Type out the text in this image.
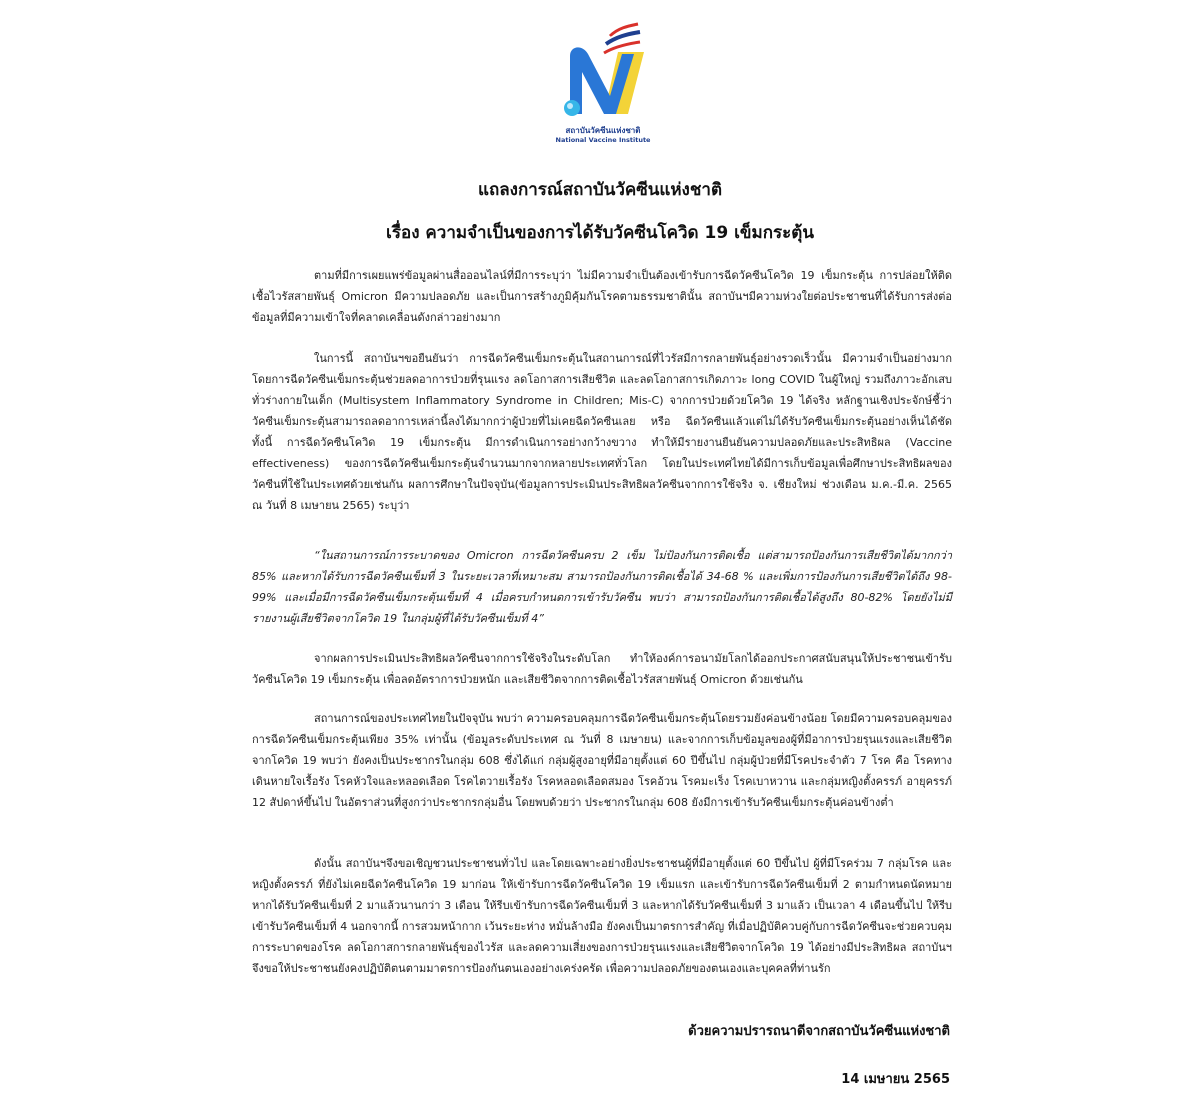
สถาบันวัคซีนแห่งชาติ
National Vaccine Institute
แถลงการณ์สถาบันวัคซีนแห่งชาติ
เรื่อง ความจำเป็นของการได้รับวัคซีนโควิด 19 เข็มกระตุ้น

ตามที่มีการเผยแพร่ข้อมูลผ่านสื่อออนไลน์ที่มีการระบุว่า ไม่มีความจำเป็นต้องเข้ารับการฉีดวัคซีนโควิด 19 เข็มกระตุ้น การปล่อยให้ติดเชื้อไวรัสสายพันธุ์ Omicron มีความปลอดภัย และเป็นการสร้างภูมิคุ้มกันโรคตามธรรมชาตินั้น สถาบันฯมีความห่วงใยต่อประชาชนที่ได้รับการส่งต่อข้อมูลที่มีความเข้าใจที่คลาดเคลื่อนดังกล่าวอย่างมาก

ในการนี้ สถาบันฯขอยืนยันว่า การฉีดวัคซีนเข็มกระตุ้นในสถานการณ์ที่ไวรัสมีการกลายพันธุ์อย่างรวดเร็วนั้น มีความจำเป็นอย่างมาก โดยการฉีดวัคซีนเข็มกระตุ้นช่วยลดอาการป่วยที่รุนแรง ลดโอกาสการเสียชีวิต และลดโอกาสการเกิดภาวะ long COVID ในผู้ใหญ่ รวมถึงภาวะอักเสบทั่วร่างกายในเด็ก (Multisystem Inflammatory Syndrome in Children; Mis-C) จากการป่วยด้วยโควิด 19 ได้จริง หลักฐานเชิงประจักษ์ชี้ว่า วัคซีนเข็มกระตุ้นสามารถลดอาการเหล่านี้ลงได้มากกว่าผู้ป่วยที่ไม่เคยฉีดวัคซีนเลย หรือ ฉีดวัคซีนแล้วแต่ไม่ได้รับวัคซีนเข็มกระตุ้นอย่างเห็นได้ชัด ทั้งนี้ การฉีดวัคซีนโควิด 19 เข็มกระตุ้น มีการดำเนินการอย่างกว้างขวาง ทำให้มีรายงานยืนยันความปลอดภัยและประสิทธิผล (Vaccine effectiveness) ของการฉีดวัคซีนเข็มกระตุ้นจำนวนมากจากหลายประเทศทั่วโลก โดยในประเทศไทยได้มีการเก็บข้อมูลเพื่อศึกษาประสิทธิผลของวัคซีนที่ใช้ในประเทศด้วยเช่นกัน ผลการศึกษาในปัจจุบัน(ข้อมูลการประเมินประสิทธิผลวัคซีนจากการใช้จริง จ. เชียงใหม่ ช่วงเดือน ม.ค.-มี.ค. 2565 ณ วันที่ 8 เมษายน 2565) ระบุว่า

“ในสถานการณ์การระบาดของ Omicron การฉีดวัคซีนครบ 2 เข็ม ไม่ป้องกันการติดเชื้อ แต่สามารถป้องกันการเสียชีวิตได้มากกว่า 85% และหากได้รับการฉีดวัคซีนเข็มที่ 3 ในระยะเวลาที่เหมาะสม สามารถป้องกันการติดเชื้อได้ 34-68 % และเพิ่มการป้องกันการเสียชีวิตได้ถึง 98-99% และเมื่อมีการฉีดวัคซีนเข็มกระตุ้นเข็มที่ 4 เมื่อครบกำหนดการเข้ารับวัคซีน พบว่า สามารถป้องกันการติดเชื้อได้สูงถึง 80-82% โดยยังไม่มีรายงานผู้เสียชีวิตจากโควิด 19 ในกลุ่มผู้ที่ได้รับวัคซีนเข็มที่ 4”

จากผลการประเมินประสิทธิผลวัคซีนจากการใช้จริงในระดับโลก ทำให้องค์การอนามัยโลกได้ออกประกาศสนับสนุนให้ประชาชนเข้ารับวัคซีนโควิด 19 เข็มกระตุ้น เพื่อลดอัตราการป่วยหนัก และเสียชีวิตจากการติดเชื้อไวรัสสายพันธุ์ Omicron ด้วยเช่นกัน

สถานการณ์ของประเทศไทยในปัจจุบัน พบว่า ความครอบคลุมการฉีดวัคซีนเข็มกระตุ้นโดยรวมยังค่อนข้างน้อย โดยมีความครอบคลุมของการฉีดวัคซีนเข็มกระตุ้นเพียง 35% เท่านั้น (ข้อมูลระดับประเทศ ณ วันที่ 8 เมษายน) และจากการเก็บข้อมูลของผู้ที่มีอาการป่วยรุนแรงและเสียชีวิตจากโควิด 19 พบว่า ยังคงเป็นประชากรในกลุ่ม 608 ซึ่งได้แก่ กลุ่มผู้สูงอายุที่มีอายุตั้งแต่ 60 ปีขึ้นไป กลุ่มผู้ป่วยที่มีโรคประจำตัว 7 โรค คือ โรคทางเดินหายใจเรื้อรัง โรคหัวใจและหลอดเลือด โรคไตวายเรื้อรัง โรคหลอดเลือดสมอง โรคอ้วน โรคมะเร็ง โรคเบาหวาน และกลุ่มหญิงตั้งครรภ์ อายุครรภ์ 12 สัปดาห์ขึ้นไป ในอัตราส่วนที่สูงกว่าประชากรกลุ่มอื่น โดยพบด้วยว่า ประชากรในกลุ่ม 608 ยังมีการเข้ารับวัคซีนเข็มกระตุ้นค่อนข้างต่ำ

ดังนั้น สถาบันฯจึงขอเชิญชวนประชาชนทั่วไป และโดยเฉพาะอย่างยิ่งประชาชนผู้ที่มีอายุตั้งแต่ 60 ปีขึ้นไป ผู้ที่มีโรคร่วม 7 กลุ่มโรค และหญิงตั้งครรภ์ ที่ยังไม่เคยฉีดวัคซีนโควิด 19 มาก่อน ให้เข้ารับการฉีดวัคซีนโควิด 19 เข็มแรก และเข้ารับการฉีดวัคซีนเข็มที่ 2 ตามกำหนดนัดหมาย หากได้รับวัคซีนเข็มที่ 2 มาแล้วนานกว่า 3 เดือน ให้รีบเข้ารับการฉีดวัคซีนเข็มที่ 3 และหากได้รับวัคซีนเข็มที่ 3 มาแล้ว เป็นเวลา 4 เดือนขึ้นไป ให้รีบเข้ารับวัคซีนเข็มที่ 4 นอกจากนี้ การสวมหน้ากาก เว้นระยะห่าง หมั่นล้างมือ ยังคงเป็นมาตรการสำคัญ ที่เมื่อปฏิบัติควบคู่กับการฉีดวัคซีนจะช่วยควบคุมการระบาดของโรค ลดโอกาสการกลายพันธุ์ของไวรัส และลดความเสี่ยงของการป่วยรุนแรงและเสียชีวิตจากโควิด 19 ได้อย่างมีประสิทธิผล สถาบันฯจึงขอให้ประชาชนยังคงปฏิบัติตนตามมาตรการป้องกันตนเองอย่างเคร่งครัด เพื่อความปลอดภัยของตนเองและบุคคลที่ท่านรัก

ด้วยความปรารถนาดีจากสถาบันวัคซีนแห่งชาติ
14 เมษายน 2565
